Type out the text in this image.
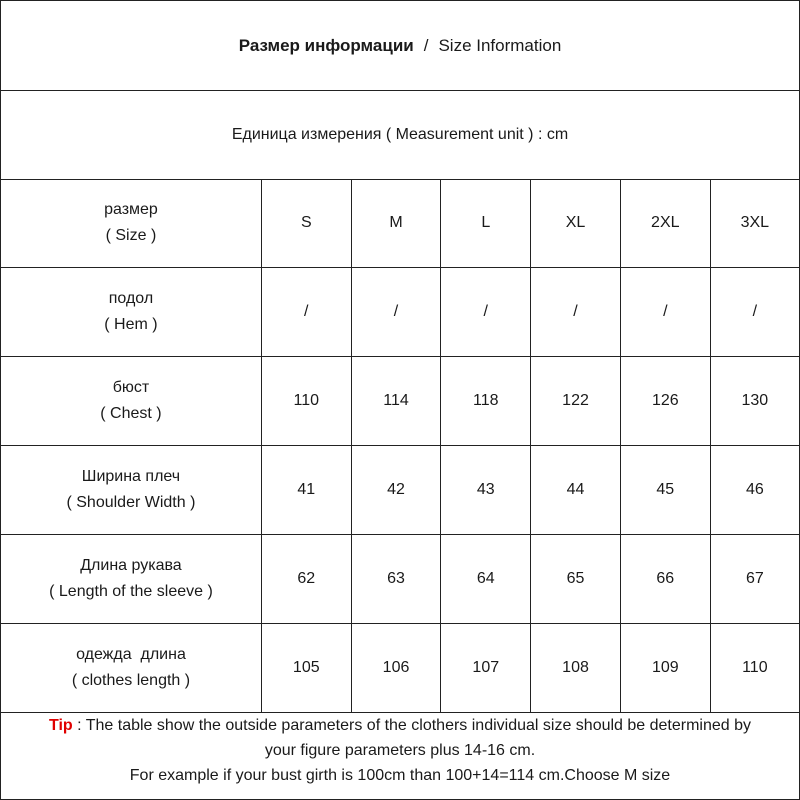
Размер информации / Size Information
Единица измерения ( Measurement unit ) : cm
размер
( Size )	S	M	L	XL	2XL	3XL

подол
( Hem )	/	/	/	/	/	/

бюст
( Chest )	110	114	118	122	126	130

Ширина плеч
( Shoulder Width )	41	42	43	44	45	46

Длина рукава
( Length of the sleeve )	62	63	64	65	66	67

одежда  длина
( clothes length )	105	106	107	108	109	110
Tip : The table show the outside parameters of the clothers individual size should be determined by
your figure parameters plus 14-16 cm.
For example if your bust girth is 100cm than 100+14=114 cm.Choose M size
